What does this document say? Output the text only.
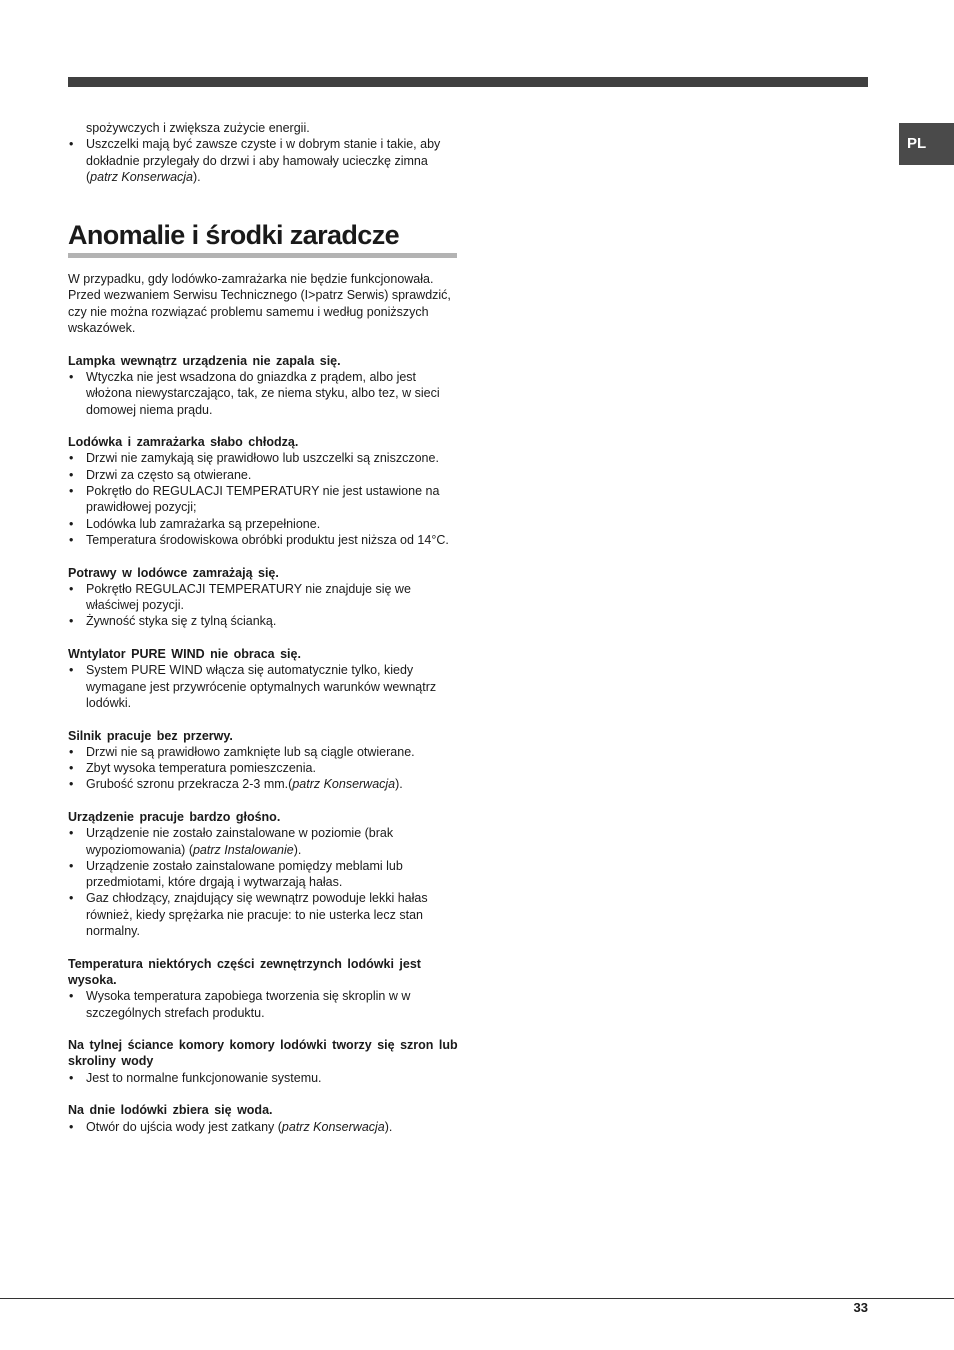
PL
spożywczych i zwiększa zużycie energii.
• Uszczelki mają być zawsze czyste i w dobrym stanie i takie, aby dokładnie przylegały do drzwi i aby hamowały ucieczkę zimna (patrz Konserwacja).
Anomalie i środki zaradcze

W przypadku, gdy lodówko-zamrażarka nie będzie funkcjonowała. Przed wezwaniem Serwisu Technicznego (I>patrz Serwis) sprawdzić, czy nie można rozwiązać problemu samemu i według poniższych wskazówek.

Lampka wewnątrz urządzenia nie zapala się.

• Wtyczka nie jest wsadzona do gniazdka z prądem, albo jest włożona niewystarczająco, tak, ze niema styku, albo tez, w sieci domowej niema prądu.

Lodówka i zamrażarka słabo chłodzą.

• Drzwi nie zamykają się prawidłowo lub uszczelki są zniszczone.
• Drzwi za często są otwierane.
• Pokrętło do REGULACJI TEMPERATURY nie jest ustawione na prawidłowej pozycji;
• Lodówka lub zamrażarka są przepełnione.
• Temperatura środowiskowa obróbki produktu jest niższa od 14°C.

Potrawy w lodówce zamrażają się.

• Pokrętło REGULACJI TEMPERATURY nie znajduje się we właściwej pozycji.
• Żywność styka się z tylną ścianką.

Wntylator PURE WIND nie obraca się.

• System PURE WIND włącza się automatycznie tylko, kiedy wymagane jest przywrócenie optymalnych warunków wewnątrz lodówki.

Silnik pracuje bez przerwy.

• Drzwi nie są prawidłowo zamknięte lub są ciągle otwierane.
• Zbyt wysoka temperatura pomieszczenia.
• Grubość szronu przekracza 2-3 mm.(patrz Konserwacja).

Urządzenie pracuje bardzo głośno.

• Urządzenie nie zostało zainstalowane w poziomie (brak wypoziomowania) (patrz Instalowanie).
• Urządzenie zostało zainstalowane pomiędzy meblami lub przedmiotami, które drgają i wytwarzają hałas.
• Gaz chłodzący, znajdujący się wewnątrz powoduje lekki hałas również, kiedy sprężarka nie pracuje: to nie usterka lecz stan normalny.

Temperatura niektórych części zewnętrzynch lodówki jest wysoka.

• Wysoka temperatura zapobiega tworzenia się skroplin w w szczególnych strefach produktu.

Na tylnej ściance komory komory lodówki tworzy się szron lub skroliny wody

• Jest to normalne funkcjonowanie systemu.

Na dnie lodówki zbiera się woda.

• Otwór do ujścia wody jest zatkany (patrz Konserwacja).
33
